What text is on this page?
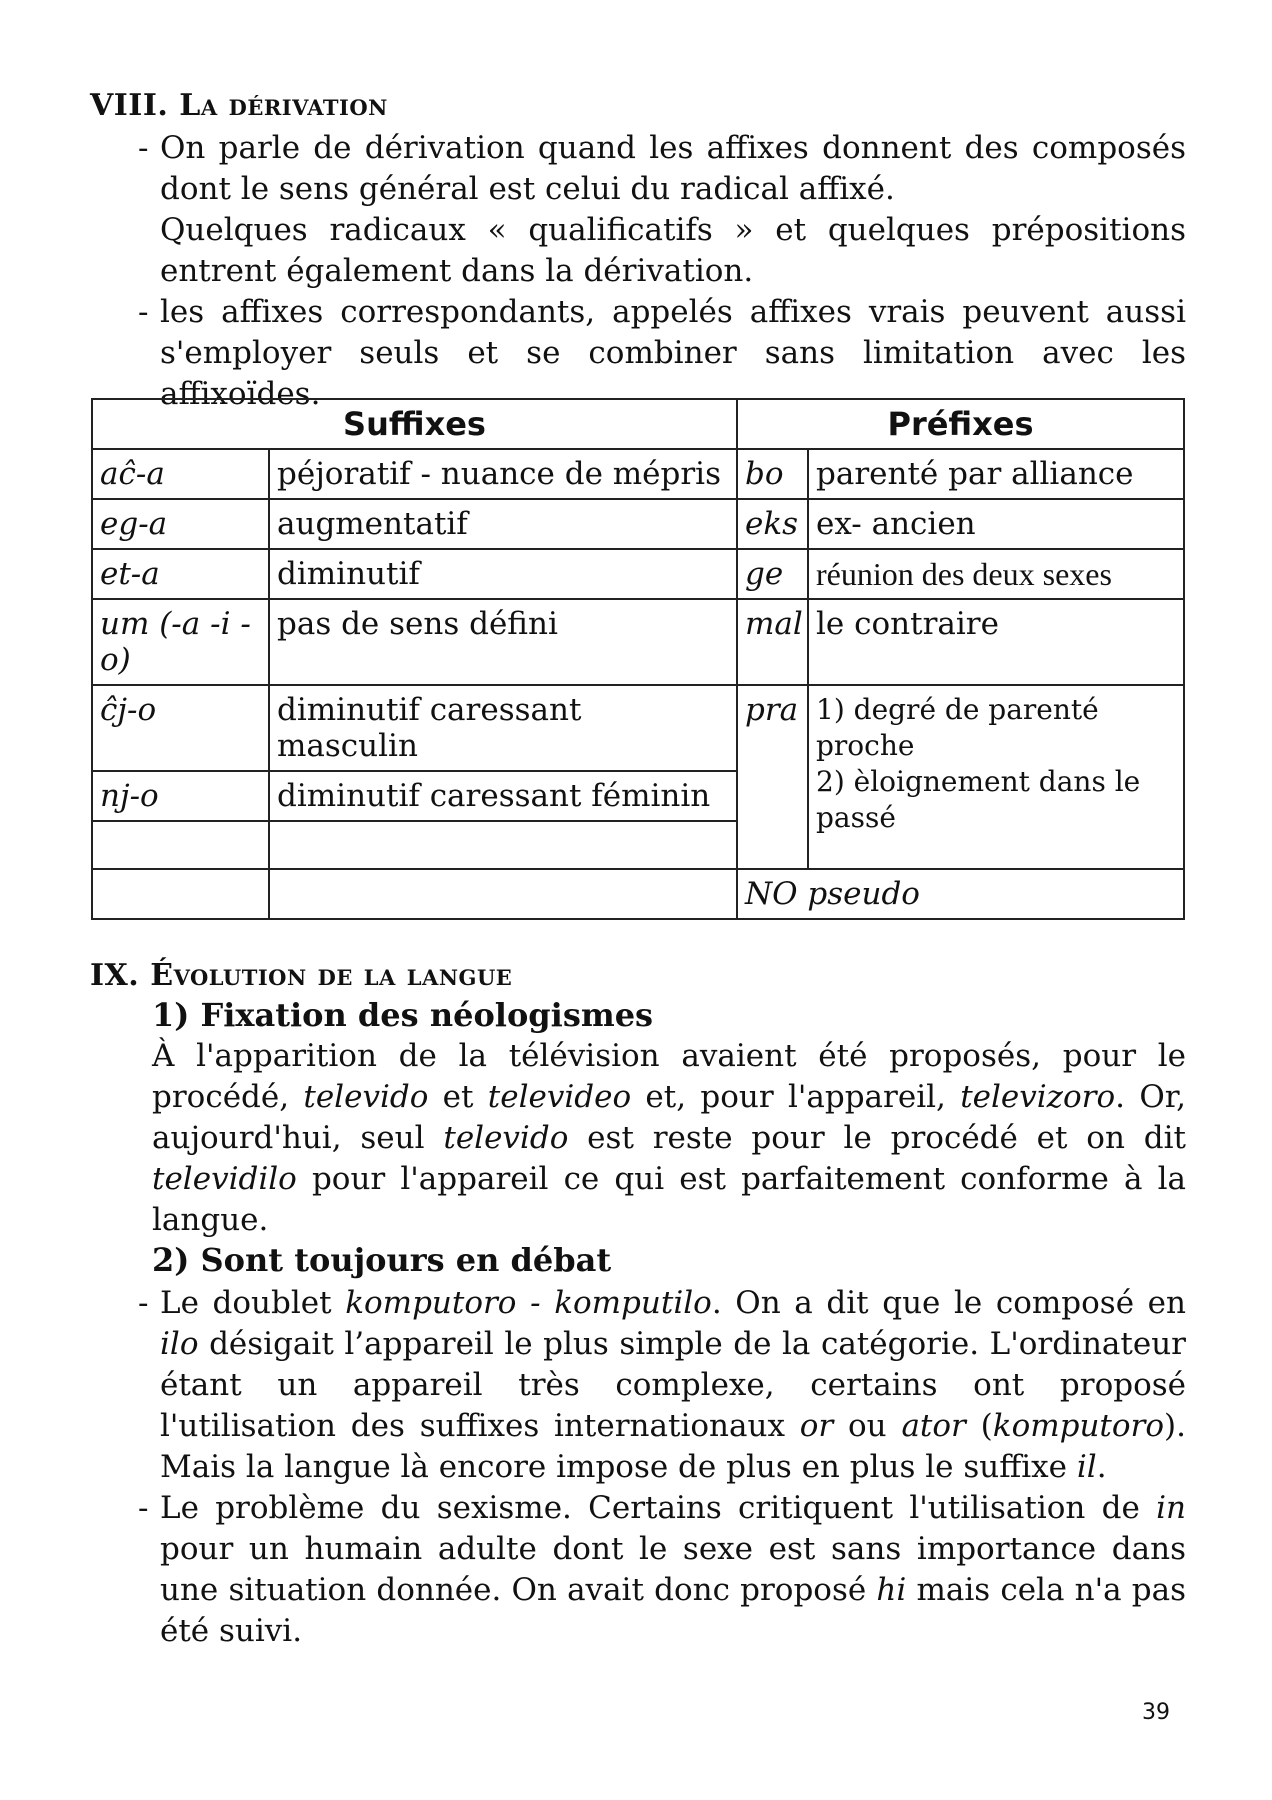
VIII. La dérivation
- On parle de dérivation quand les affixes donnent des composés dont le sens général est celui du radical affixé.
Quelques radicaux « qualificatifs » et quelques prépositions entrent également dans la dérivation.
- les affixes correspondants, appelés affixes vrais peuvent aussi s'employer seuls et se combiner sans limitation avec les affixoïdes.
Suffixes		Préfixes	
aĉ-a	péjoratif - nuance de mépris	bo	parenté par alliance
eg-a	augmentatif	eks	ex- ancien
et-a	diminutif	ge	réunion des deux sexes
um (-a -i -o)	pas de sens défini	mal	le contraire
ĉj-o	diminutif caressant masculin	pra	1) degré de parenté proche
2) èloignement dans le passé

nj-o	diminutif caressant féminin		

		NO pseudo	
IX. Évolution de la langue
1) Fixation des néologismes
À l'apparition de la télévision avaient été proposés, pour le procédé, televido et televideo et, pour l'appareil, televizoro. Or, aujourd'hui, seul televido est reste pour le procédé et on dit televidilo pour l'appareil ce qui est parfaitement conforme à la langue.
2) Sont toujours en débat
- Le doublet komputoro - komputilo. On a dit que le composé en ilo désigait l’appareil le plus simple de la catégorie. L'ordinateur étant un appareil très complexe, certains ont proposé l'utilisation des suffixes internationaux or ou ator (komputoro). Mais la langue là encore impose de plus en plus le suffixe il.
- Le problème du sexisme. Certains critiquent l'utilisation de in pour un humain adulte dont le sexe est sans importance dans une situation donnée. On avait donc proposé hi mais cela n'a pas été suivi.
39
